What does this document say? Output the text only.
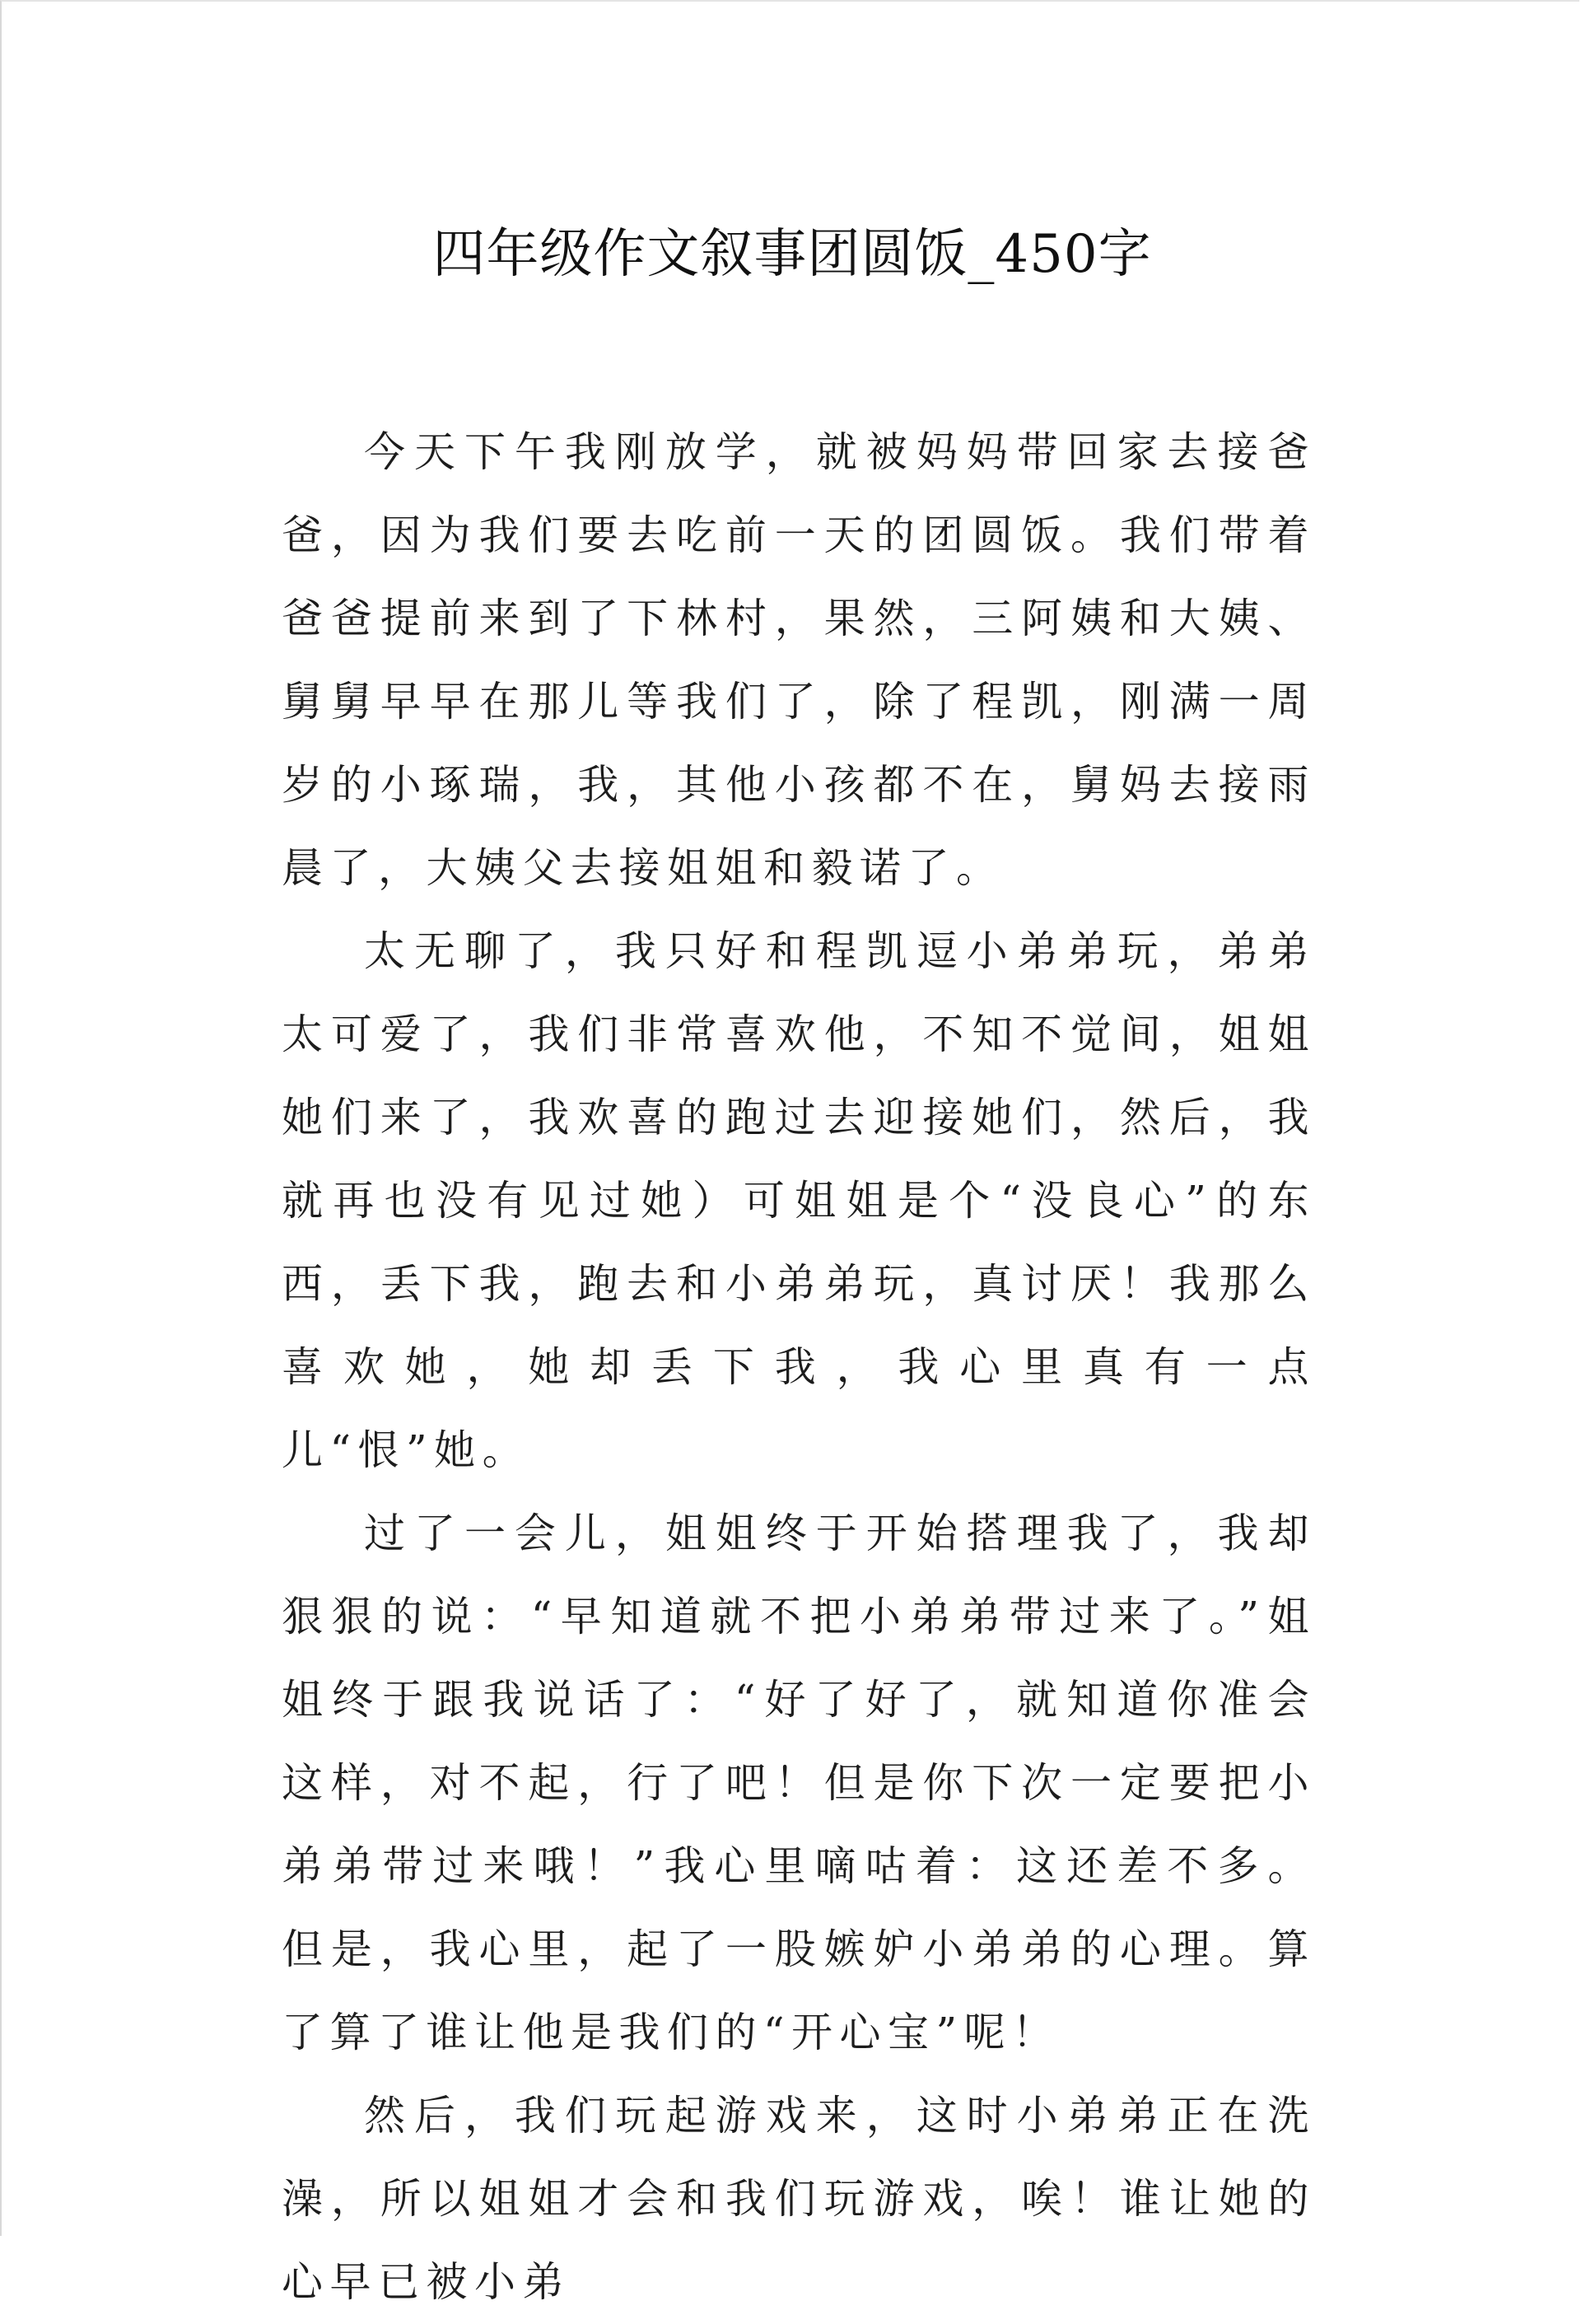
四年级作文叙事团圆饭_450字

今天下午我刚放学，就被妈妈带回家去接爸爸，因为我们要去吃前一天的团圆饭。我们带着爸爸提前来到了下林村，果然，三阿姨和大姨、舅舅早早在那儿等我们了，除了程凯，刚满一周岁的小琢瑞，我，其他小孩都不在，舅妈去接雨晨了，大姨父去接姐姐和毅诺了。

太无聊了，我只好和程凯逗小弟弟玩，弟弟太可爱了，我们非常喜欢他，不知不觉间，姐姐她们来了，我欢喜的跑过去迎接她们，然后，我就再也没有见过她）可姐姐是个“没良心”的东西，丢下我，跑去和小弟弟玩，真讨厌！我那么喜欢她，她却丢下我，我心里真有一点儿“恨”她。

过了一会儿，姐姐终于开始搭理我了，我却狠狠的说：“早知道就不把小弟弟带过来了。”姐姐终于跟我说话了：“好了好了，就知道你准会这样，对不起，行了吧！但是你下次一定要把小弟弟带过来哦！”我心里嘀咕着：这还差不多。但是，我心里，起了一股嫉妒小弟弟的心理。算了算了谁让他是我们的“开心宝”呢！

然后，我们玩起游戏来，这时小弟弟正在洗澡，所以姐姐才会和我们玩游戏，唉！谁让她的心早已被小弟
